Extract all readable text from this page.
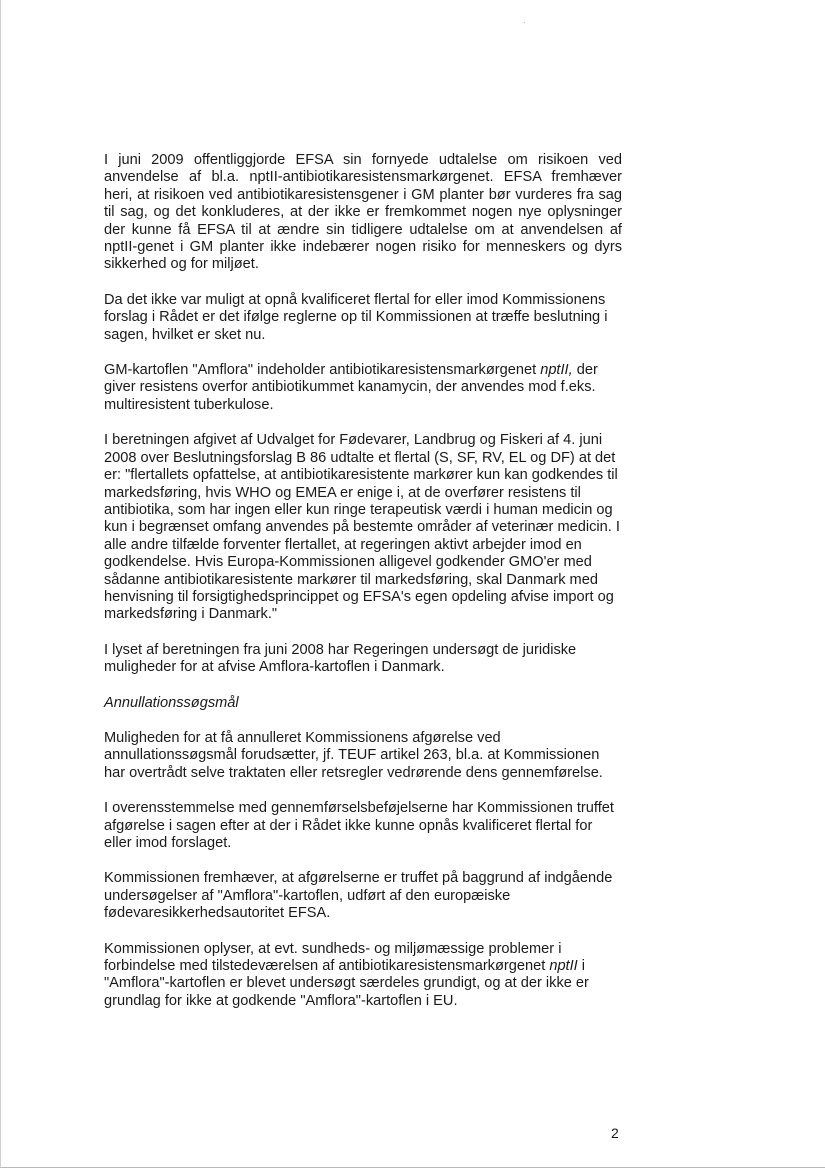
I juni 2009 offentliggjorde EFSA sin fornyede udtalelse om risikoen ved anvendelse af bl.a. nptII-antibiotikaresistensmarkørgenet. EFSA fremhæver heri, at risikoen ved antibiotikaresistensgener i GM planter bør vurderes fra sag til sag, og det konkluderes, at der ikke er fremkommet nogen nye oplysninger der kunne få EFSA til at ændre sin tidligere udtalelse om at anvendelsen af nptII-genet i GM planter ikke indebærer nogen risiko for menneskers og dyrs sikkerhed og for miljøet.

Da det ikke var muligt at opnå kvalificeret flertal for eller imod Kommissionens forslag i Rådet er det ifølge reglerne op til Kommissionen at træffe beslutning i sagen, hvilket er sket nu.

GM-kartoflen "Amflora" indeholder antibiotikaresistensmarkørgenet nptII, der giver resistens overfor antibiotikummet kanamycin, der anvendes mod f.eks. multiresistent tuberkulose.

I beretningen afgivet af Udvalget for Fødevarer, Landbrug og Fiskeri af 4. juni 2008 over Beslutningsforslag B 86 udtalte et flertal (S, SF, RV, EL og DF) at det er: "flertallets opfattelse, at antibiotikaresistente markører kun kan godkendes til markedsføring, hvis WHO og EMEA er enige i, at de overfører resistens til antibiotika, som har ingen eller kun ringe terapeutisk værdi i human medicin og kun i begrænset omfang anvendes på bestemte områder af veterinær medicin. I alle andre tilfælde forventer flertallet, at regeringen aktivt arbejder imod en godkendelse. Hvis Europa-Kommissionen alligevel godkender GMO'er med sådanne antibiotikaresistente markører til markedsføring, skal Danmark med henvisning til forsigtighedsprincippet og EFSA's egen opdeling afvise import og markedsføring i Danmark."

I lyset af beretningen fra juni 2008 har Regeringen undersøgt de juridiske muligheder for at afvise Amflora-kartoflen i Danmark.

Annullationssøgsmål

Muligheden for at få annulleret Kommissionens afgørelse ved annullationssøgsmål forudsætter, jf. TEUF artikel 263, bl.a. at Kommissionen har overtrådt selve traktaten eller retsregler vedrørende dens gennemførelse.

I overensstemmelse med gennemførselsbeføjelserne har Kommissionen truffet afgørelse i sagen efter at der i Rådet ikke kunne opnås kvalificeret flertal for eller imod forslaget.

Kommissionen fremhæver, at afgørelserne er truffet på baggrund af indgående undersøgelser af "Amflora"-kartoflen, udført af den europæiske fødevaresikkerhedsautoritet EFSA.

Kommissionen oplyser, at evt. sundheds- og miljømæssige problemer i forbindelse med tilstedeværelsen af antibiotikaresistensmarkørgenet nptII i "Amflora"-kartoflen er blevet undersøgt særdeles grundigt, og at der ikke er grundlag for ikke at godkende "Amflora"-kartoflen i EU.

2
